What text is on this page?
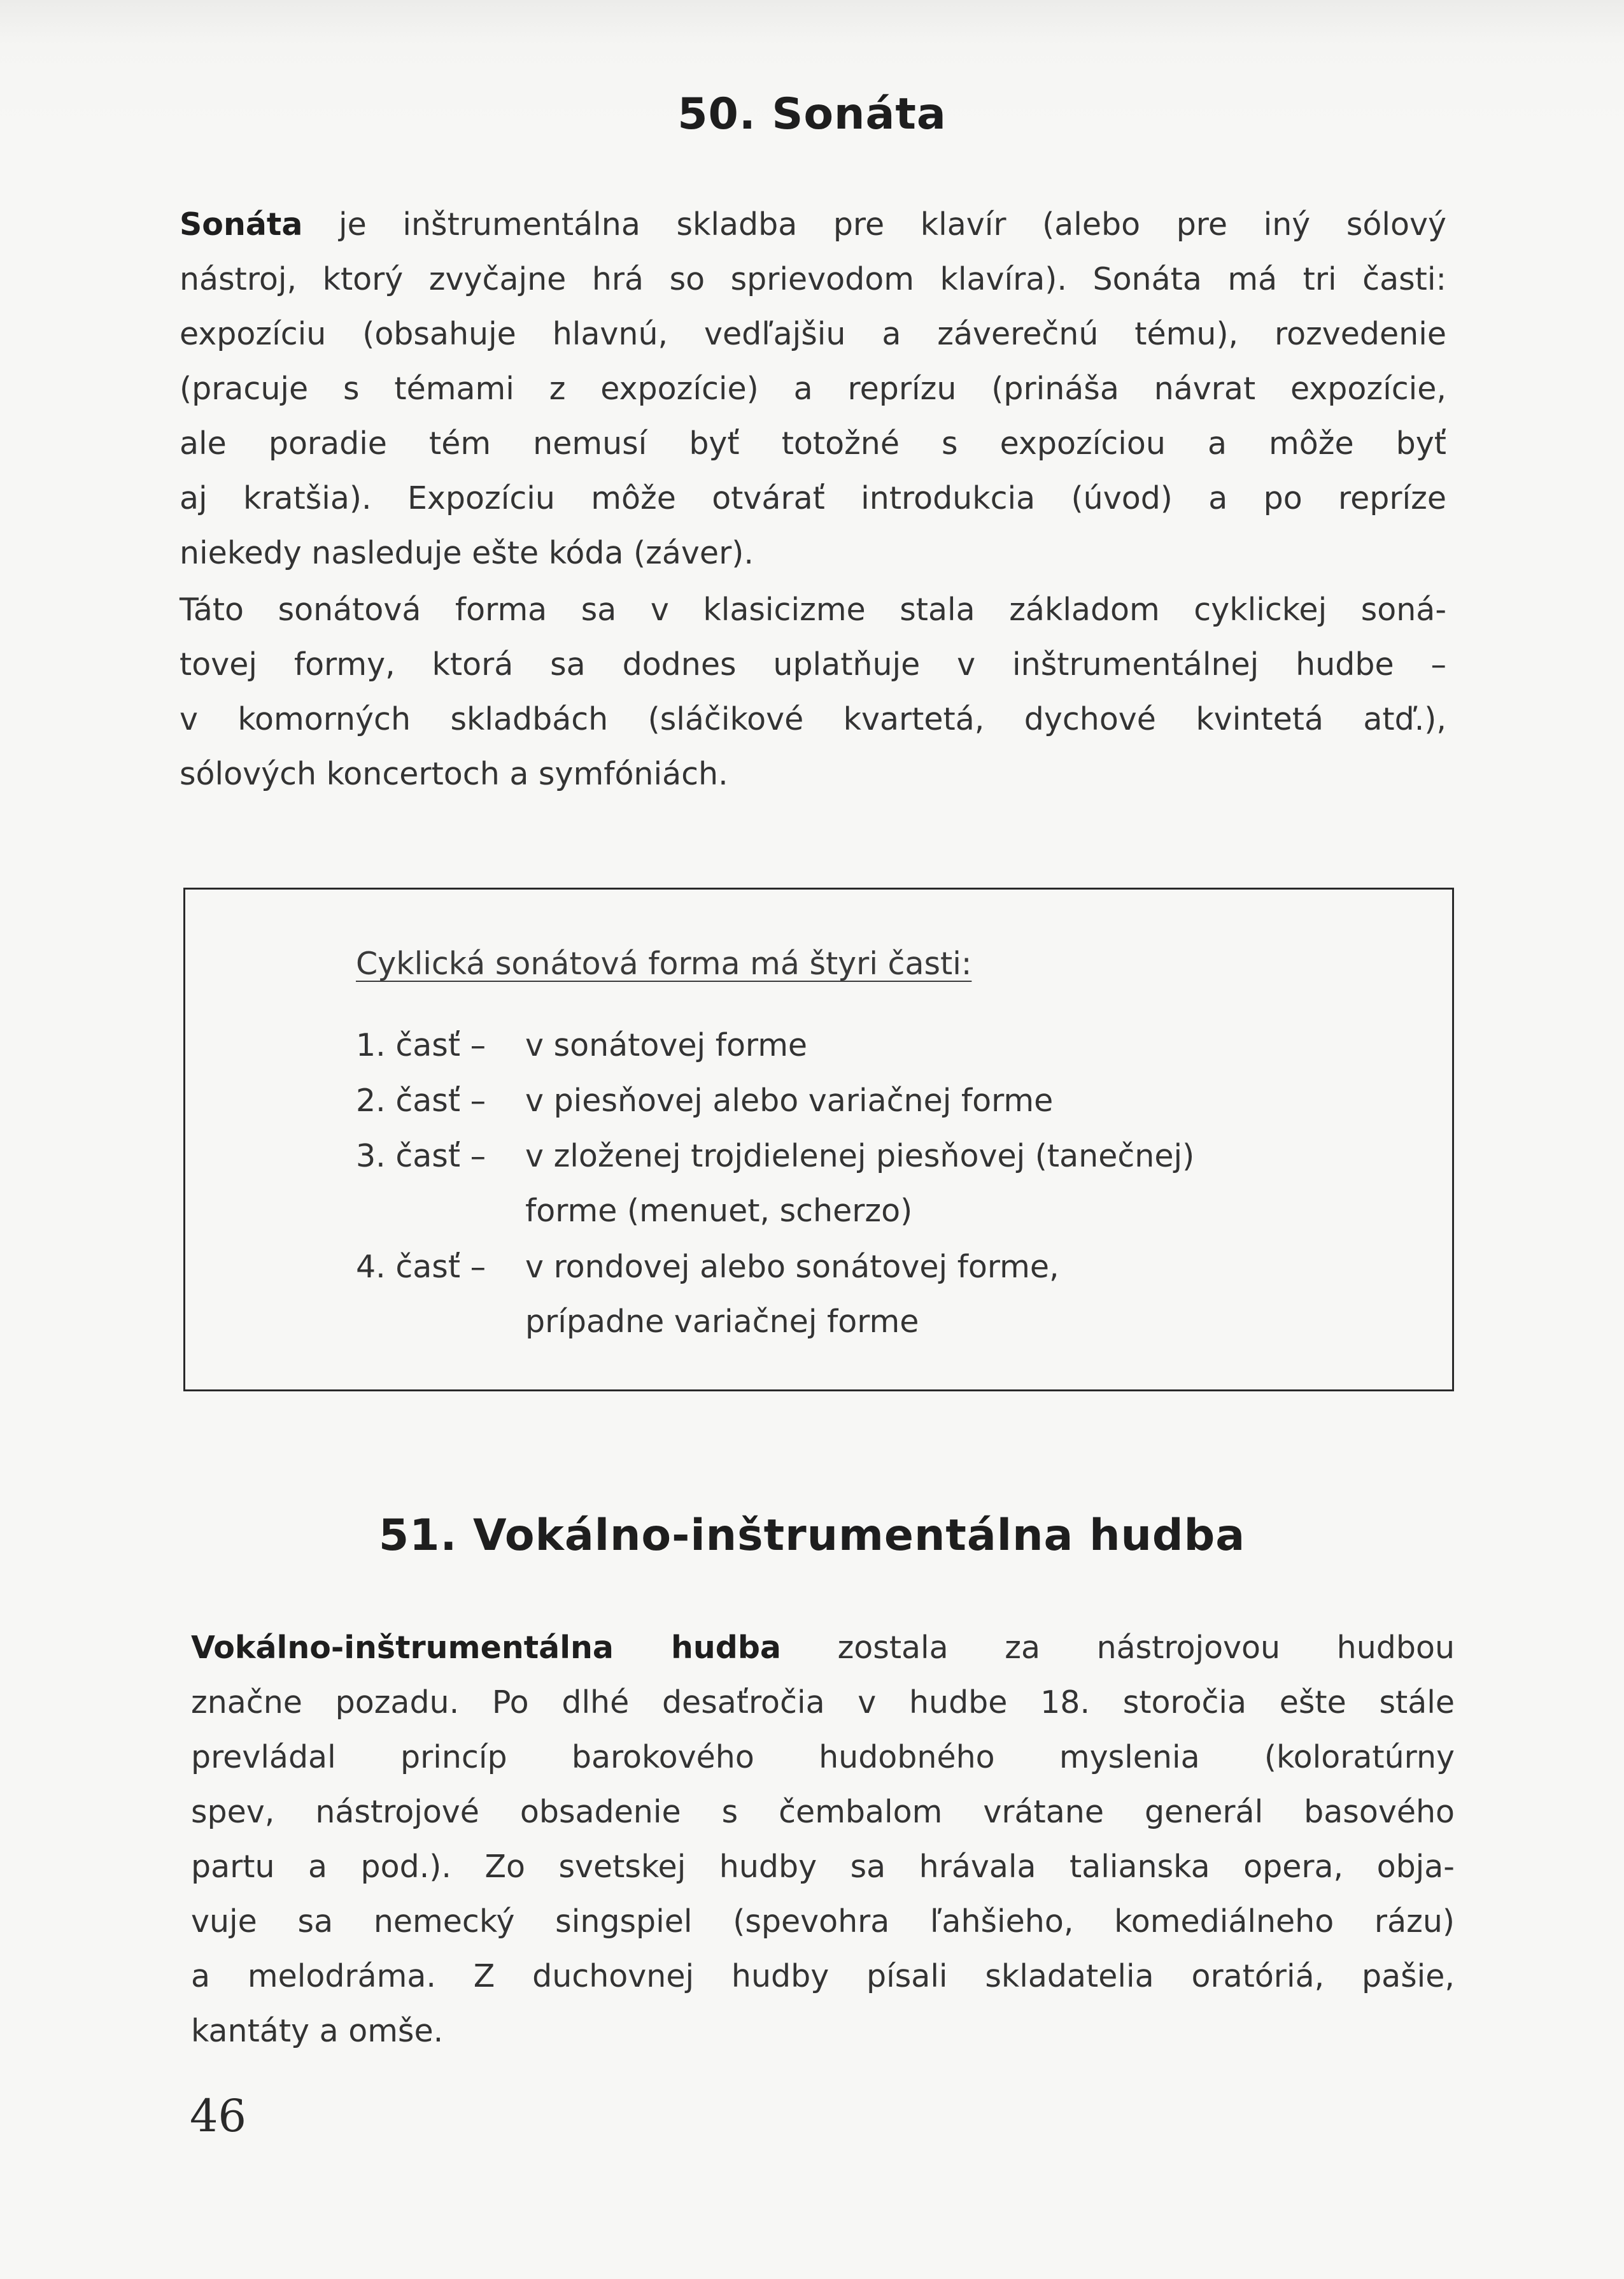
50. Sonáta
Sonáta je inštrumentálna skladba pre klavír (alebo pre iný sólový
nástroj, ktorý zvyčajne hrá so sprievodom klavíra). Sonáta má tri časti:
expozíciu (obsahuje hlavnú, vedľajšiu a záverečnú tému), rozvedenie
(pracuje s témami z expozície) a reprízu (prináša návrat expozície,
ale poradie tém nemusí byť totožné s expozíciou a môže byť
aj kratšia). Expozíciu môže otvárať introdukcia (úvod) a po repríze
niekedy nasleduje ešte kóda (záver).
Táto sonátová forma sa v klasicizme stala základom cyklickej soná-
tovej formy, ktorá sa dodnes uplatňuje v inštrumentálnej hudbe –
v komorných skladbách (sláčikové kvartetá, dychové kvintetá atď.),
sólových koncertoch a symfóniách.
Cyklická sonátová forma má štyri časti:
1. časť – v sonátovej forme
2. časť – v piesňovej alebo variačnej forme
3. časť – v zloženej trojdielenej piesňovej (tanečnej)
forme (menuet, scherzo)
4. časť – v rondovej alebo sonátovej forme,
prípadne variačnej forme
51. Vokálno-inštrumentálna hudba
Vokálno-inštrumentálna hudba zostala za nástrojovou hudbou
značne pozadu. Po dlhé desaťročia v hudbe 18. storočia ešte stále
prevládal princíp barokového hudobného myslenia (koloratúrny
spev, nástrojové obsadenie s čembalom vrátane generál basového
partu a pod.). Zo svetskej hudby sa hrávala talianska opera, obja-
vuje sa nemecký singspiel (spevohra ľahšieho, komediálneho rázu)
a melodráma. Z duchovnej hudby písali skladatelia oratóriá, pašie,
kantáty a omše.
46
